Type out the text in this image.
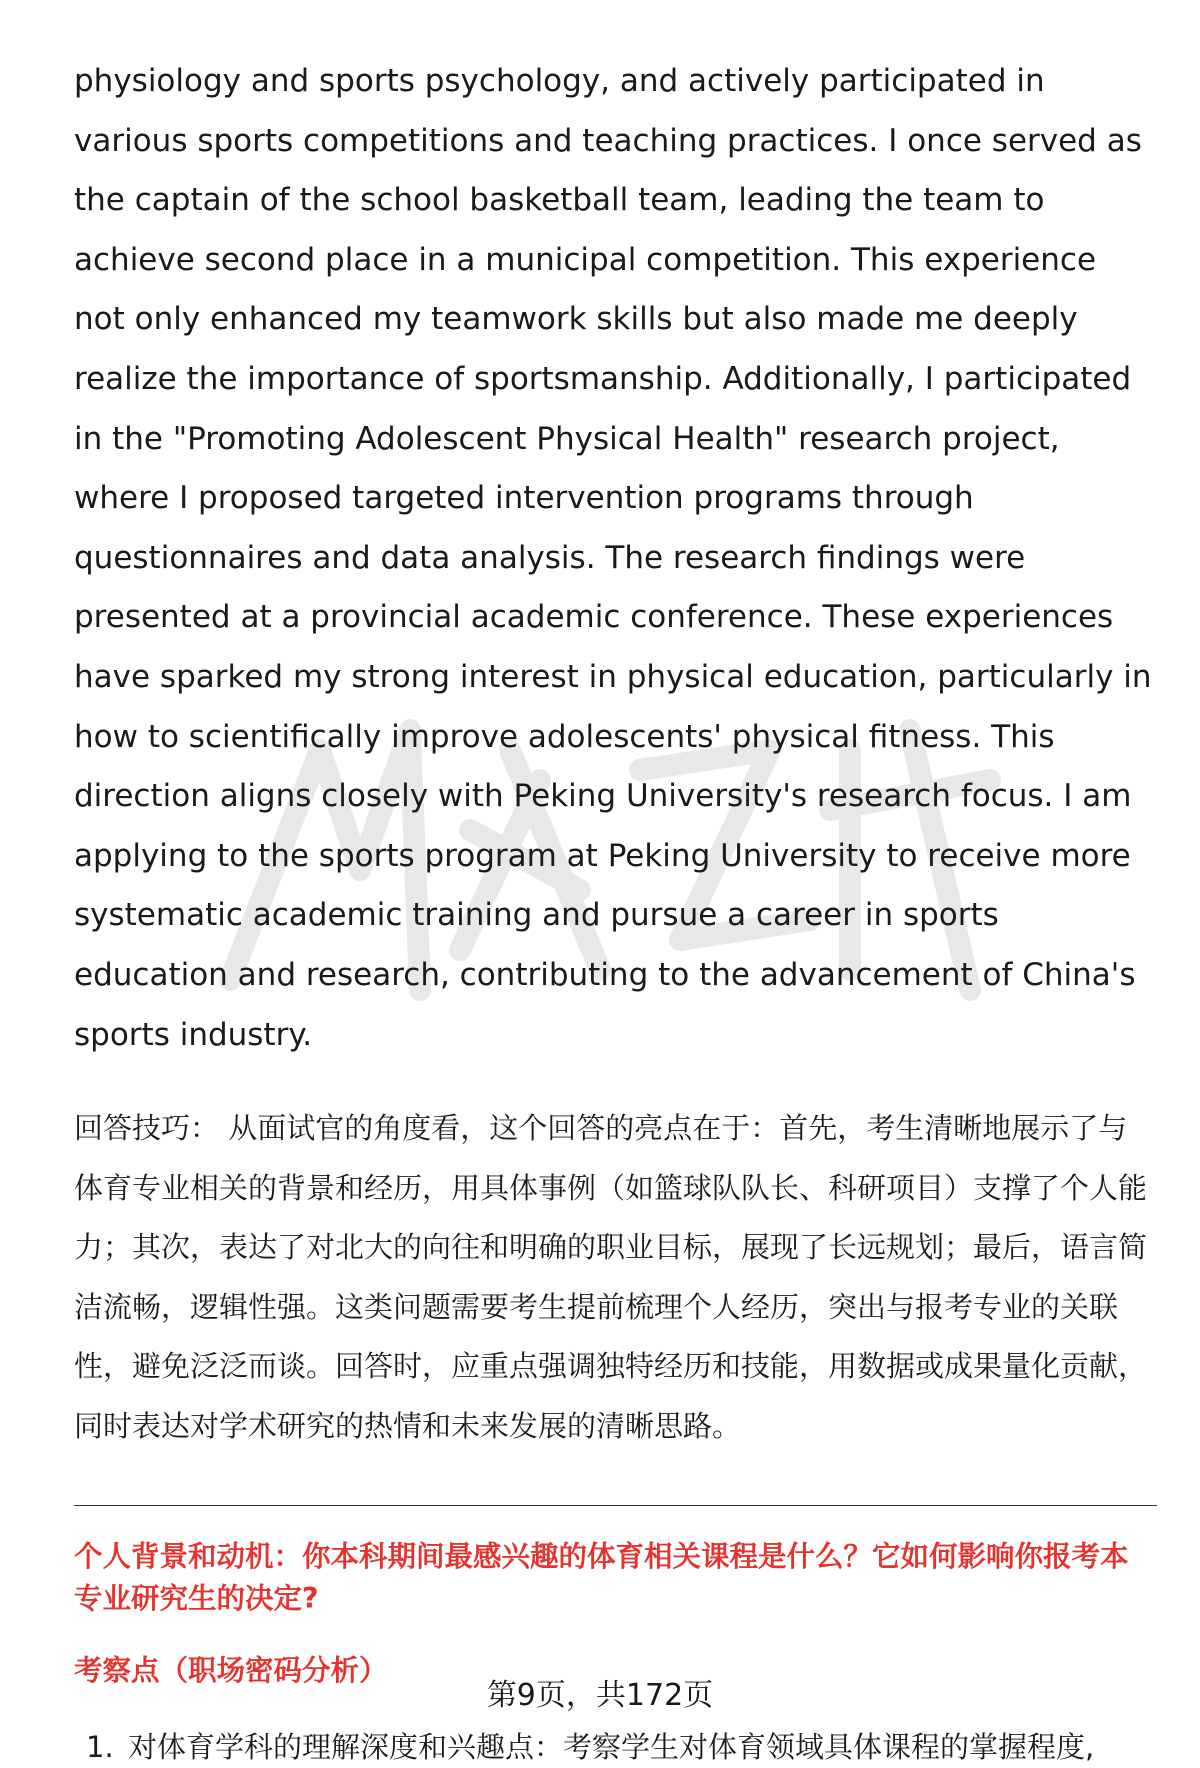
physiology and sports psychology, and actively participated in various sports competitions and teaching practices. I once served as the captain of the school basketball team, leading the team to achieve second place in a municipal competition. This experience not only enhanced my teamwork skills but also made me deeply realize the importance of sportsmanship. Additionally, I participated in the "Promoting Adolescent Physical Health" research project, where I proposed targeted intervention programs through questionnaires and data analysis. The research findings were presented at a provincial academic conference. These experiences have sparked my strong interest in physical education, particularly in how to scientifically improve adolescents' physical fitness. This direction aligns closely with Peking University's research focus. I am applying to the sports program at Peking University to receive more systematic academic training and pursue a career in sports education and research, contributing to the advancement of China's sports industry.

回答技巧： 从面试官的角度看，这个回答的亮点在于：首先，考生清晰地展示了与体育专业相关的背景和经历，用具体事例（如篮球队队长、科研项目）支撑了个人能力；其次，表达了对北大的向往和明确的职业目标，展现了长远规划；最后，语言简洁流畅，逻辑性强。这类问题需要考生提前梳理个人经历，突出与报考专业的关联性，避免泛泛而谈。回答时，应重点强调独特经历和技能，用数据或成果量化贡献，同时表达对学术研究的热情和未来发展的清晰思路。

个人背景和动机：你本科期间最感兴趣的体育相关课程是什么？它如何影响你报考本专业研究生的决定?

考察点（职场密码分析）

1. 对体育学科的理解深度和兴趣点：考察学生对体育领域具体课程的掌握程度,
第9页，共172页
